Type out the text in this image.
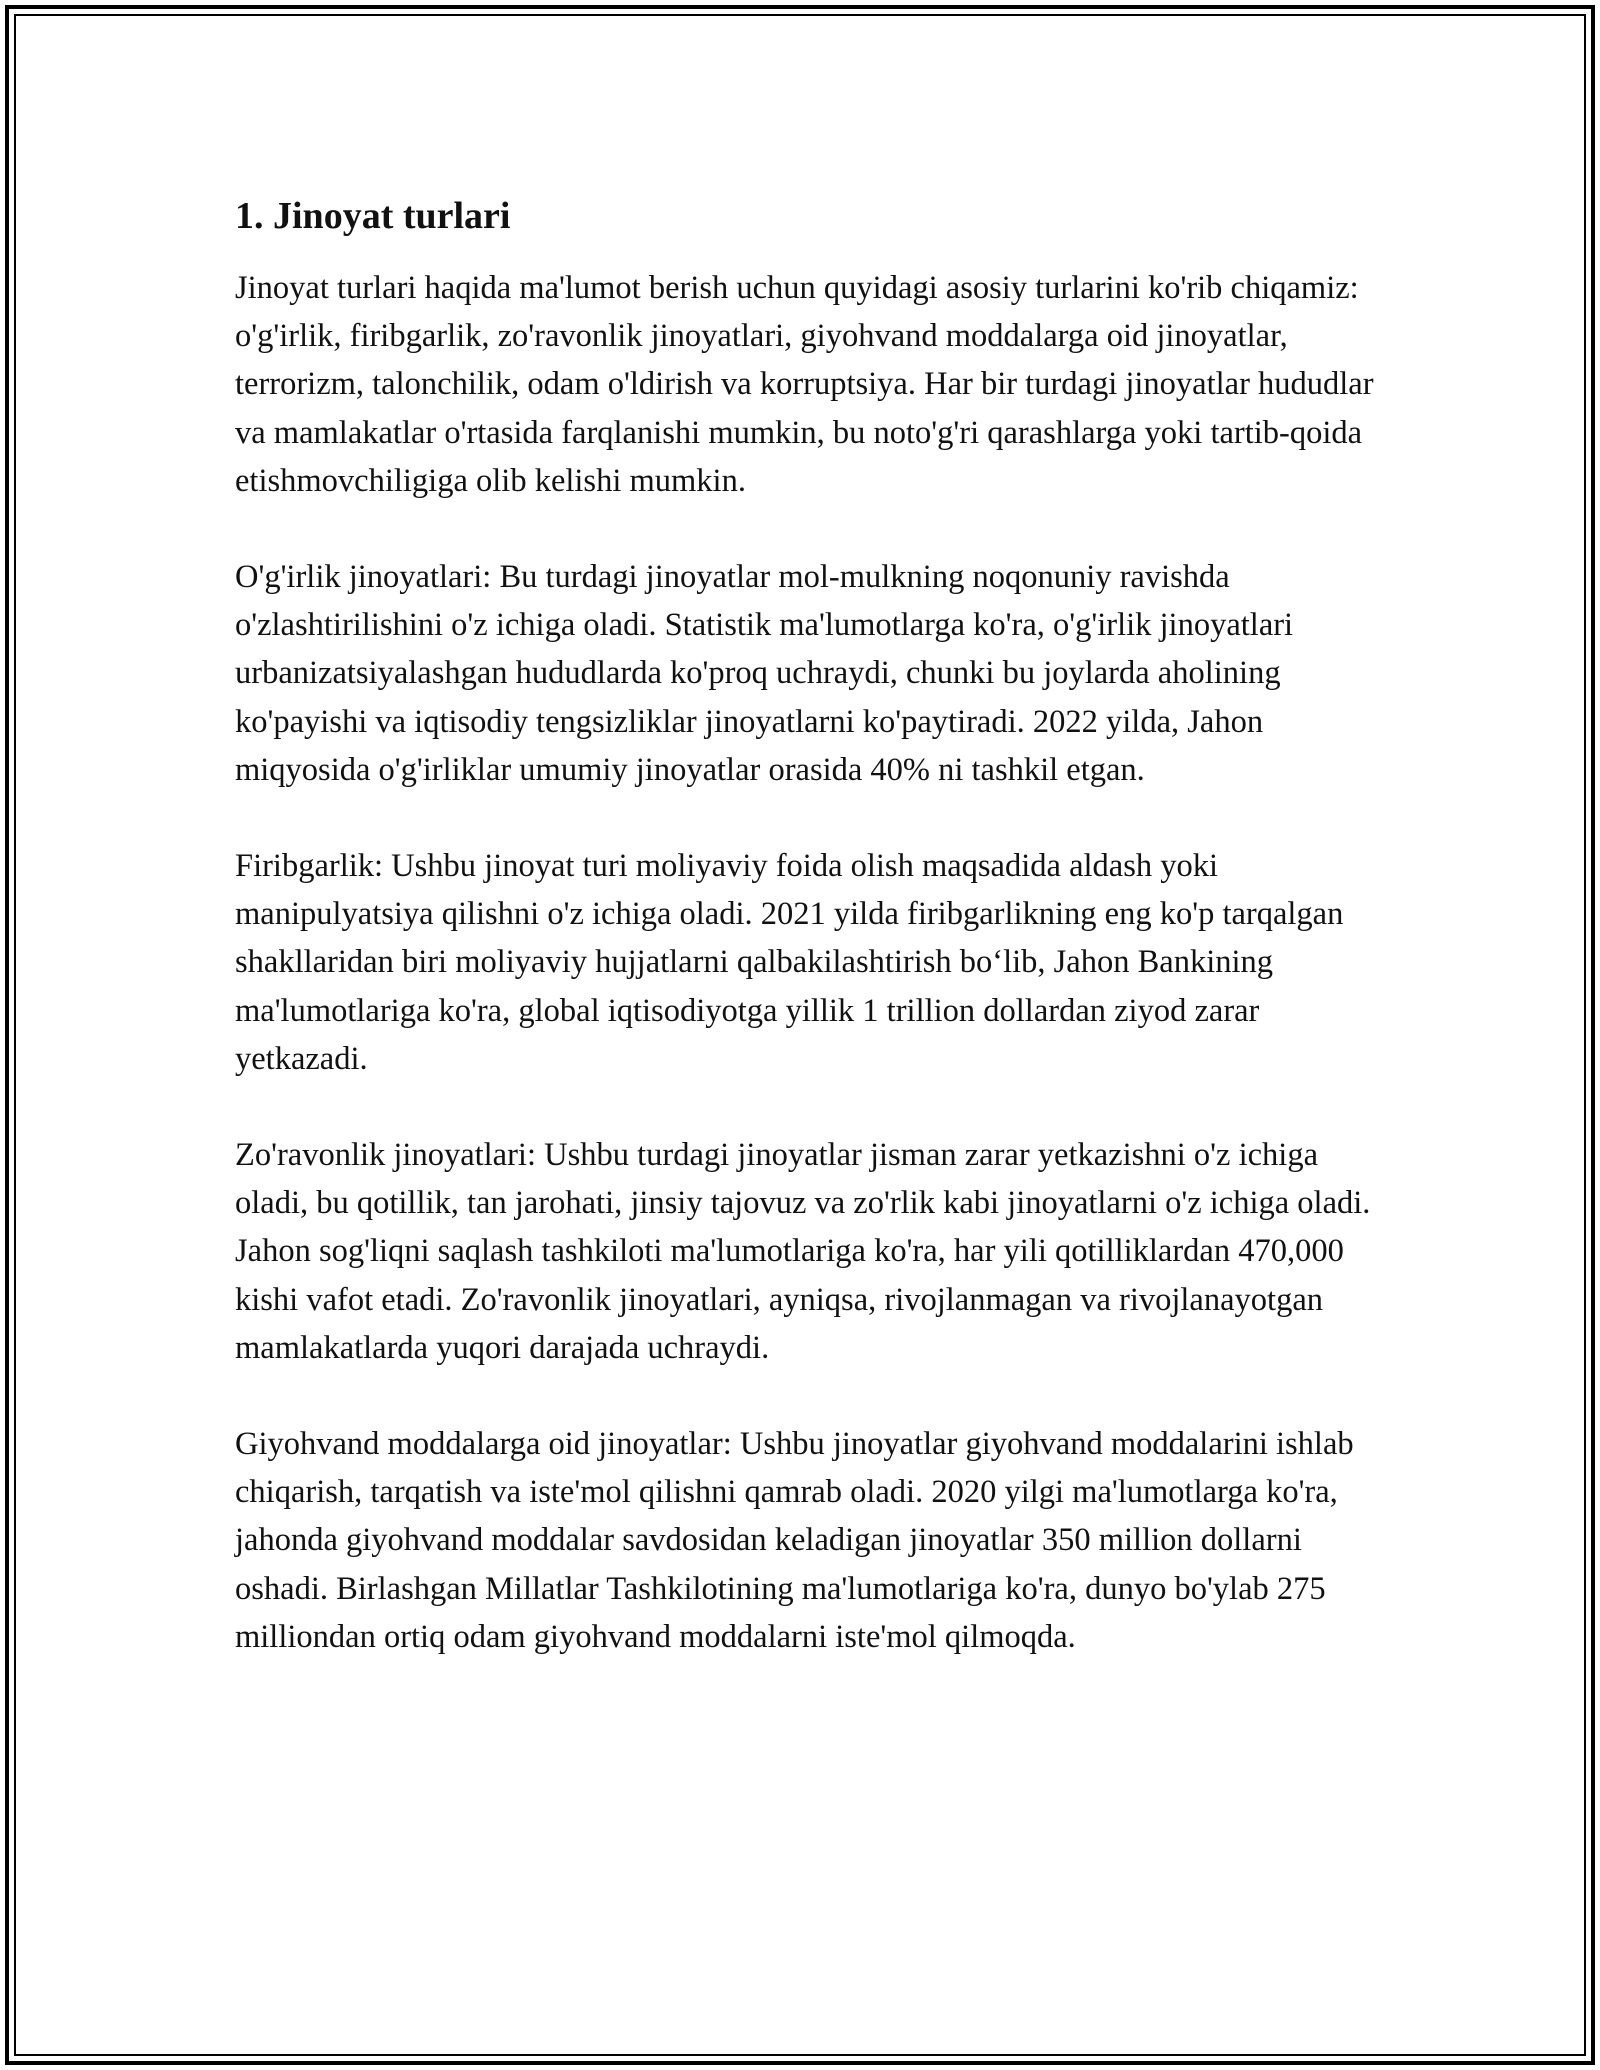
1. Jinoyat turlari

Jinoyat turlari haqida ma'lumot berish uchun quyidagi asosiy turlarini ko'rib chiqamiz: o'g'irlik, firibgarlik, zo'ravonlik jinoyatlari, giyohvand moddalarga oid jinoyatlar, terrorizm, talonchilik, odam o'ldirish va korruptsiya. Har bir turdagi jinoyatlar hududlar va mamlakatlar o'rtasida farqlanishi mumkin, bu noto'g'ri qarashlarga yoki tartib-qoida etishmovchiligiga olib kelishi mumkin.

O'g'irlik jinoyatlari: Bu turdagi jinoyatlar mol-mulkning noqonuniy ravishda o'zlashtirilishini o'z ichiga oladi. Statistik ma'lumotlarga ko'ra, o'g'irlik jinoyatlari urbanizatsiyalashgan hududlarda ko'proq uchraydi, chunki bu joylarda aholining ko'payishi va iqtisodiy tengsizliklar jinoyatlarni ko'paytiradi. 2022 yilda, Jahon miqyosida o'g'irliklar umumiy jinoyatlar orasida 40% ni tashkil etgan.

Firibgarlik: Ushbu jinoyat turi moliyaviy foida olish maqsadida aldash yoki manipulyatsiya qilishni o'z ichiga oladi. 2021 yilda firibgarlikning eng ko'p tarqalgan shakllaridan biri moliyaviy hujjatlarni qalbakilashtirish bo‘lib, Jahon Bankining ma'lumotlariga ko'ra, global iqtisodiyotga yillik 1 trillion dollardan ziyod zarar yetkazadi.

Zo'ravonlik jinoyatlari: Ushbu turdagi jinoyatlar jisman zarar yetkazishni o'z ichiga oladi, bu qotillik, tan jarohati, jinsiy tajovuz va zo'rlik kabi jinoyatlarni o'z ichiga oladi. Jahon sog'liqni saqlash tashkiloti ma'lumotlariga ko'ra, har yili qotilliklardan 470,000 kishi vafot etadi. Zo'ravonlik jinoyatlari, ayniqsa, rivojlanmagan va rivojlanayotgan mamlakatlarda yuqori darajada uchraydi.

Giyohvand moddalarga oid jinoyatlar: Ushbu jinoyatlar giyohvand moddalarini ishlab chiqarish, tarqatish va iste'mol qilishni qamrab oladi. 2020 yilgi ma'lumotlarga ko'ra, jahonda giyohvand moddalar savdosidan keladigan jinoyatlar 350 million dollarni oshadi. Birlashgan Millatlar Tashkilotining ma'lumotlariga ko'ra, dunyo bo'ylab 275 milliondan ortiq odam giyohvand moddalarni iste'mol qilmoqda.
